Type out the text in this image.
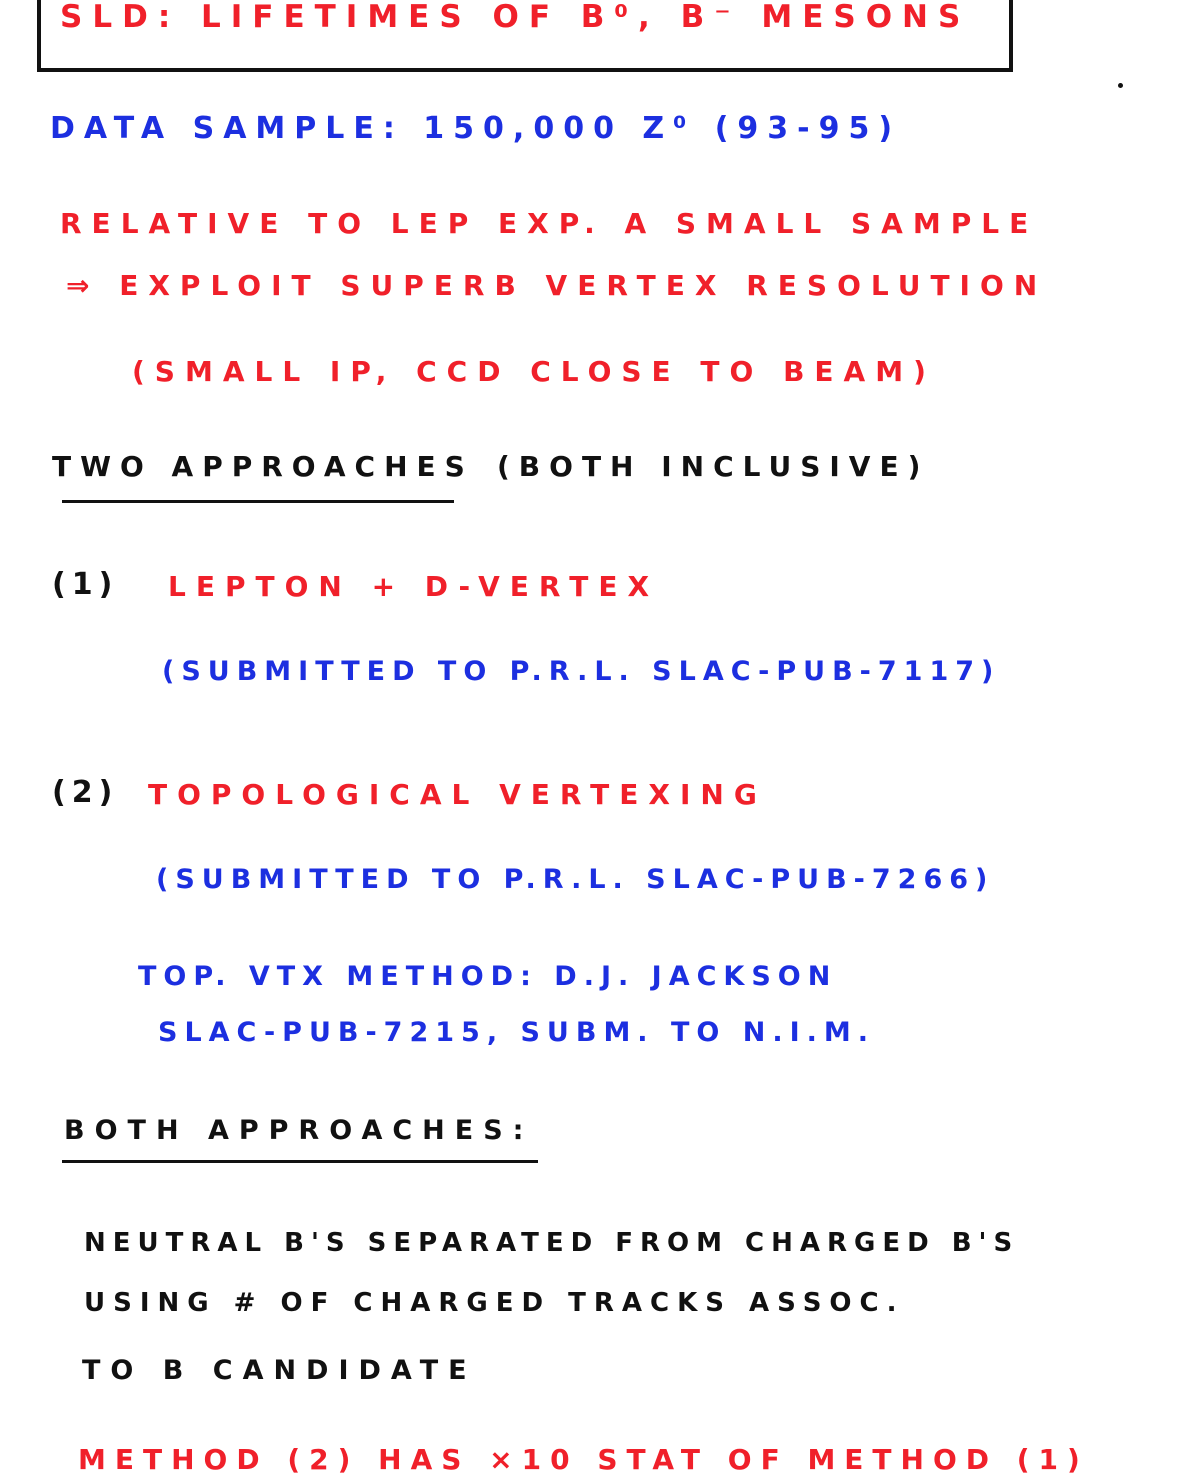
SLD: LIFETIMES OF B⁰, B⁻ MESONS
DATA SAMPLE: 150,000 Z⁰ (93-95)
RELATIVE TO LEP EXP. A SMALL SAMPLE
⇒ EXPLOIT SUPERB VERTEX RESOLUTION
(SMALL IP, CCD CLOSE TO BEAM)
TWO APPROACHES (BOTH INCLUSIVE)
(1) LEPTON + D-VERTEX
(SUBMITTED TO P.R.L. SLAC-PUB-7117)
(2) TOPOLOGICAL VERTEXING
(SUBMITTED TO P.R.L. SLAC-PUB-7266)
TOP. VTX METHOD: D.J. JACKSON
SLAC-PUB-7215, SUBM. TO N.I.M.
BOTH APPROACHES:
NEUTRAL B'S SEPARATED FROM CHARGED B'S
USING # OF CHARGED TRACKS ASSOC.
TO B CANDIDATE
METHOD (2) HAS ×10 STAT OF METHOD (1)
